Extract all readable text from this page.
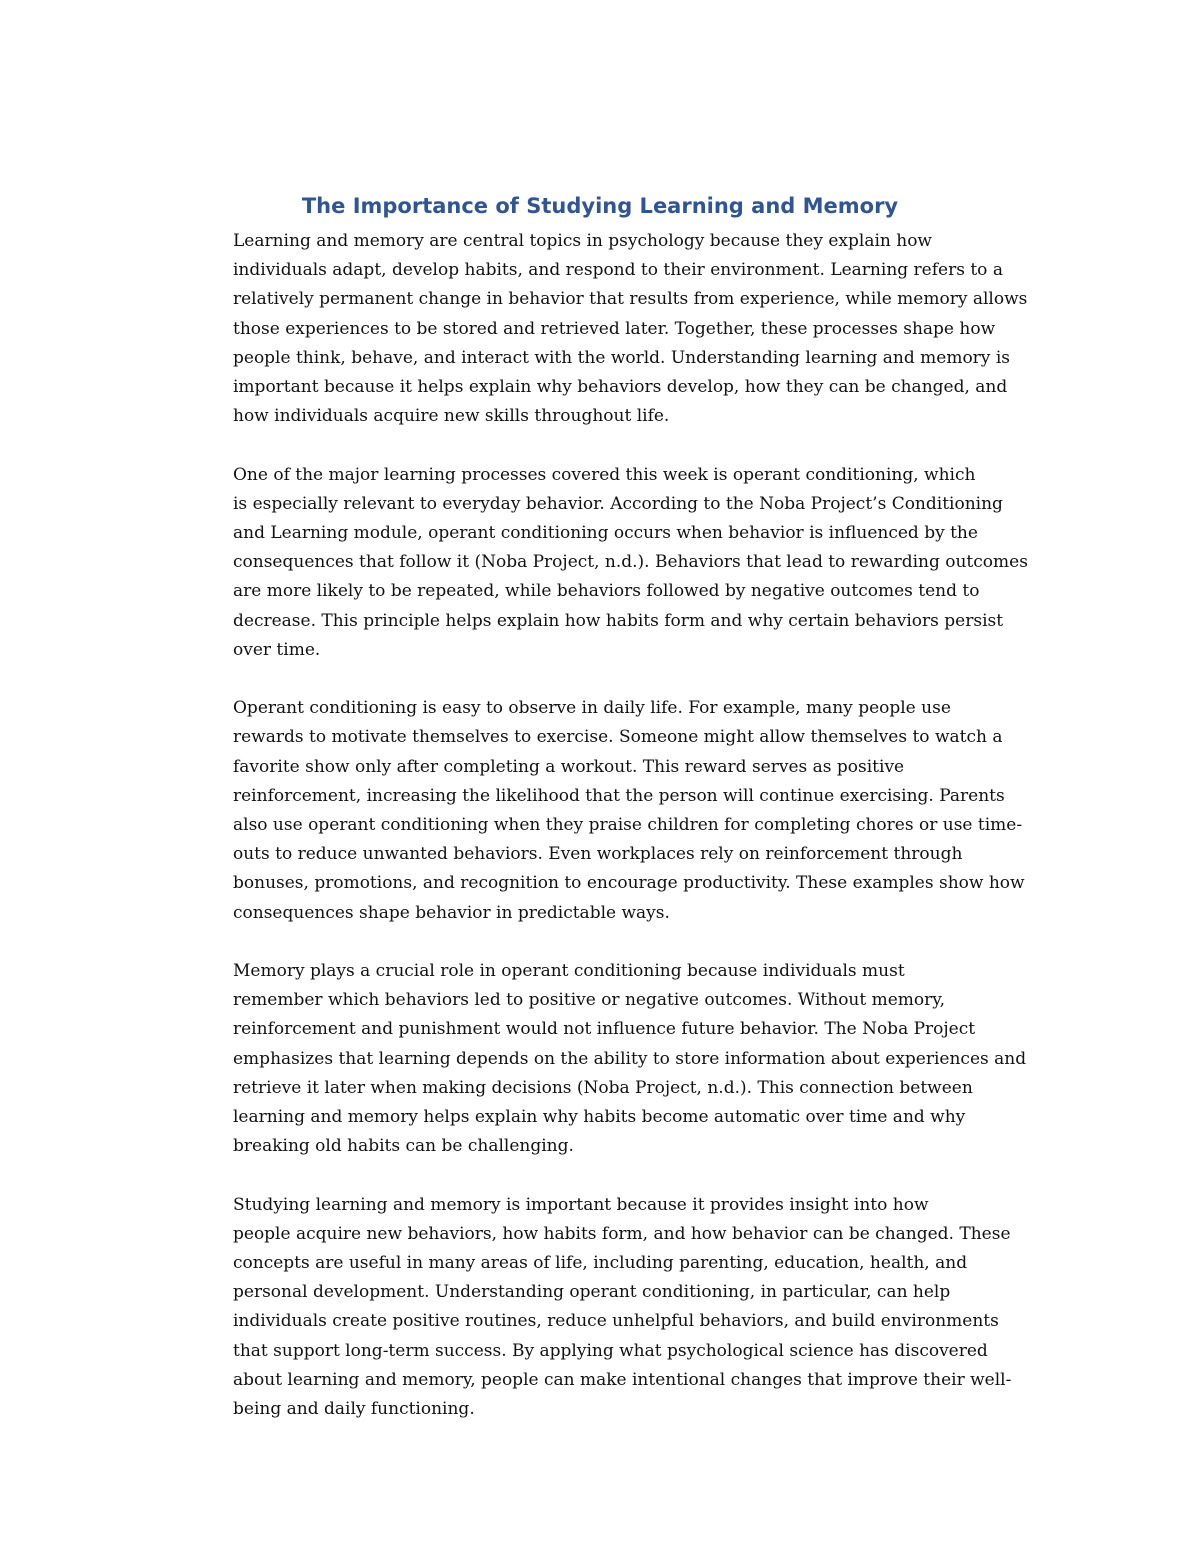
The Importance of Studying Learning and Memory

Learning and memory are central topics in psychology because they explain how
individuals adapt, develop habits, and respond to their environment. Learning refers to a
relatively permanent change in behavior that results from experience, while memory allows
those experiences to be stored and retrieved later. Together, these processes shape how
people think, behave, and interact with the world. Understanding learning and memory is
important because it helps explain why behaviors develop, how they can be changed, and
how individuals acquire new skills throughout life.

One of the major learning processes covered this week is operant conditioning, which
is especially relevant to everyday behavior. According to the Noba Project’s Conditioning
and Learning module, operant conditioning occurs when behavior is influenced by the
consequences that follow it (Noba Project, n.d.). Behaviors that lead to rewarding outcomes
are more likely to be repeated, while behaviors followed by negative outcomes tend to
decrease. This principle helps explain how habits form and why certain behaviors persist
over time.

Operant conditioning is easy to observe in daily life. For example, many people use
rewards to motivate themselves to exercise. Someone might allow themselves to watch a
favorite show only after completing a workout. This reward serves as positive
reinforcement, increasing the likelihood that the person will continue exercising. Parents
also use operant conditioning when they praise children for completing chores or use time-
outs to reduce unwanted behaviors. Even workplaces rely on reinforcement through
bonuses, promotions, and recognition to encourage productivity. These examples show how
consequences shape behavior in predictable ways.

Memory plays a crucial role in operant conditioning because individuals must
remember which behaviors led to positive or negative outcomes. Without memory,
reinforcement and punishment would not influence future behavior. The Noba Project
emphasizes that learning depends on the ability to store information about experiences and
retrieve it later when making decisions (Noba Project, n.d.). This connection between
learning and memory helps explain why habits become automatic over time and why
breaking old habits can be challenging.

Studying learning and memory is important because it provides insight into how
people acquire new behaviors, how habits form, and how behavior can be changed. These
concepts are useful in many areas of life, including parenting, education, health, and
personal development. Understanding operant conditioning, in particular, can help
individuals create positive routines, reduce unhelpful behaviors, and build environments
that support long-term success. By applying what psychological science has discovered
about learning and memory, people can make intentional changes that improve their well-
being and daily functioning.
